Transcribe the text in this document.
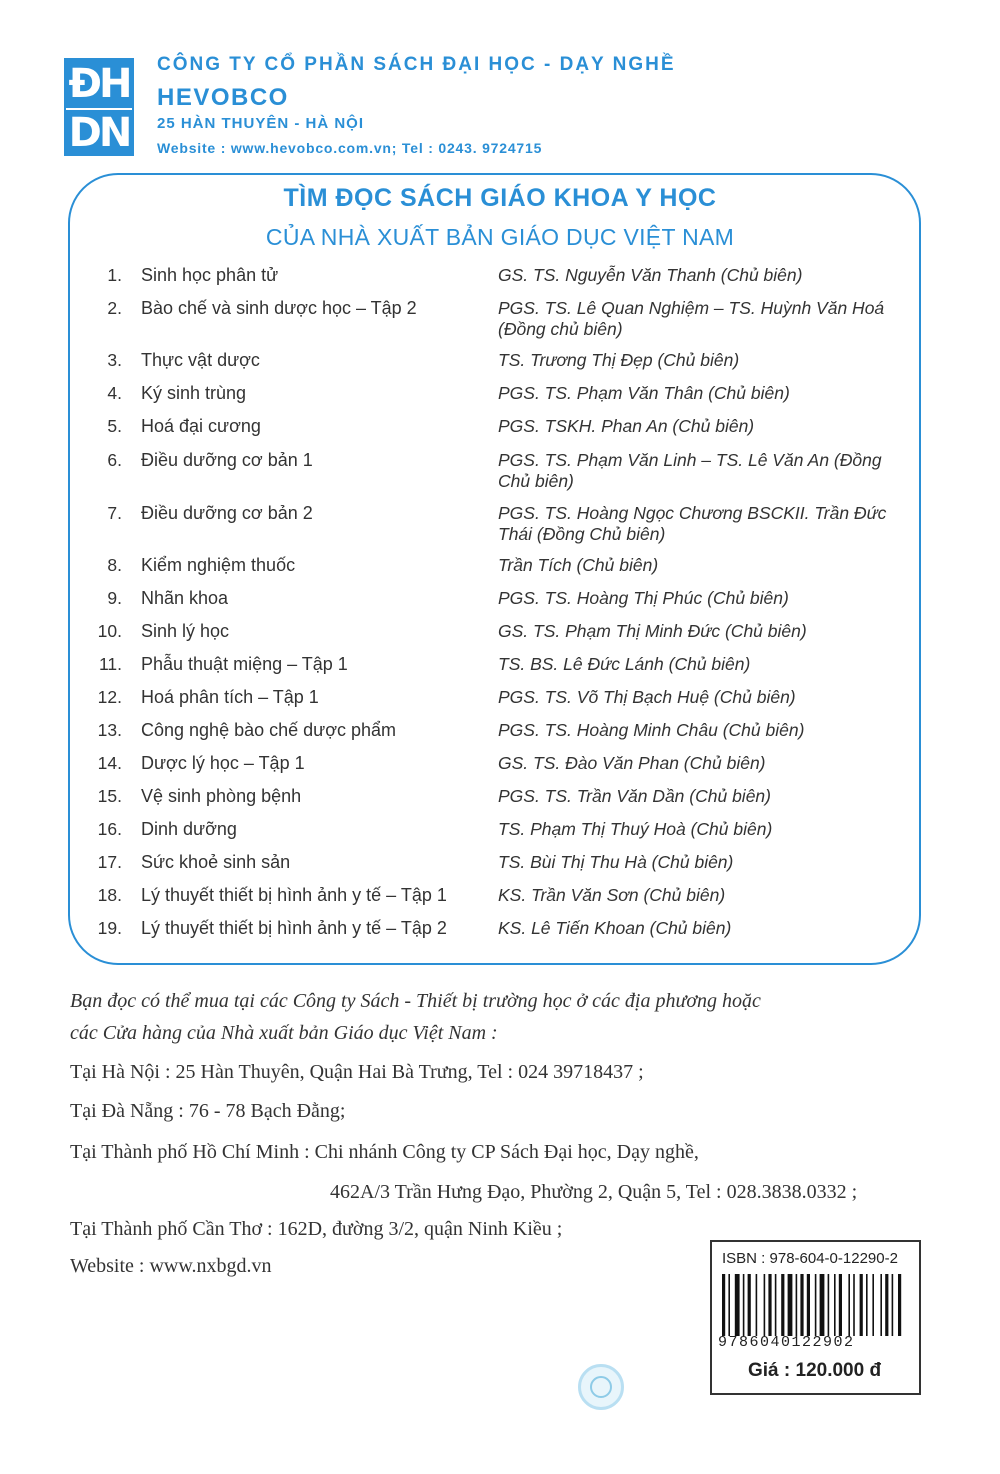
ĐH
DN
CÔNG TY CỔ PHẦN SÁCH ĐẠI HỌC - DẠY NGHỀ
HEVOBCO
25 HÀN THUYÊN - HÀ NỘI
Website : www.hevobco.com.vn; Tel : 0243. 9724715
TÌM ĐỌC SÁCH GIÁO KHOA Y HỌC
CỦA NHÀ XUẤT BẢN GIÁO DỤC VIỆT NAM
1. Sinh học phân tử	GS. TS. Nguyễn Văn Thanh (Chủ biên)
2. Bào chế và sinh dược học – Tập 2	PGS. TS. Lê Quan Nghiệm – TS. Huỳnh Văn Hoá (Đồng chủ biên)
3. Thực vật dược	TS. Trương Thị Đẹp (Chủ biên)
4. Ký sinh trùng	PGS. TS. Phạm Văn Thân (Chủ biên)
5. Hoá đại cương	PGS. TSKH. Phan An (Chủ biên)
6. Điều dưỡng cơ bản 1	PGS. TS. Phạm Văn Linh – TS. Lê Văn An (Đồng Chủ biên)
7. Điều dưỡng cơ bản 2	PGS. TS. Hoàng Ngọc Chương BSCKII. Trần Đức Thái (Đồng Chủ biên)
8. Kiểm nghiệm thuốc	Trần Tích (Chủ biên)
9. Nhãn khoa	PGS. TS. Hoàng Thị Phúc (Chủ biên)
10. Sinh lý học	GS. TS. Phạm Thị Minh Đức (Chủ biên)
11. Phẫu thuật miệng – Tập 1	TS. BS. Lê Đức Lánh (Chủ biên)
12. Hoá phân tích – Tập 1	PGS. TS. Võ Thị Bạch Huệ (Chủ biên)
13. Công nghệ bào chế dược phẩm	PGS. TS. Hoàng Minh Châu (Chủ biên)
14. Dược lý học – Tập 1	GS. TS. Đào Văn Phan (Chủ biên)
15. Vệ sinh phòng bệnh	PGS. TS. Trần Văn Dần (Chủ biên)
16. Dinh dưỡng	TS. Phạm Thị Thuý Hoà (Chủ biên)
17. Sức khoẻ sinh sản	TS. Bùi Thị Thu Hà (Chủ biên)
18. Lý thuyết thiết bị hình ảnh y tế – Tập 1	KS. Trần Văn Sơn (Chủ biên)
19. Lý thuyết thiết bị hình ảnh y tế – Tập 2	KS. Lê Tiến Khoan (Chủ biên)
Bạn đọc có thể mua tại các Công ty Sách - Thiết bị trường học ở các địa phương hoặc
các Cửa hàng của Nhà xuất bản Giáo dục Việt Nam :
Tại Hà Nội : 25 Hàn Thuyên, Quận Hai Bà Trưng, Tel : 024 39718437 ;
Tại Đà Nẵng : 76 - 78 Bạch Đằng;
Tại Thành phố Hồ Chí Minh : Chi nhánh Công ty CP Sách Đại học, Dạy nghề,
462A/3 Trần Hưng Đạo, Phường 2, Quận 5, Tel : 028.3838.0332 ;
Tại Thành phố Cần Thơ : 162D, đường 3/2, quận Ninh Kiều ;
Website : www.nxbgd.vn	ISBN : 978-604-0-12290-2
9786040122902
Giá : 120.000 đ
